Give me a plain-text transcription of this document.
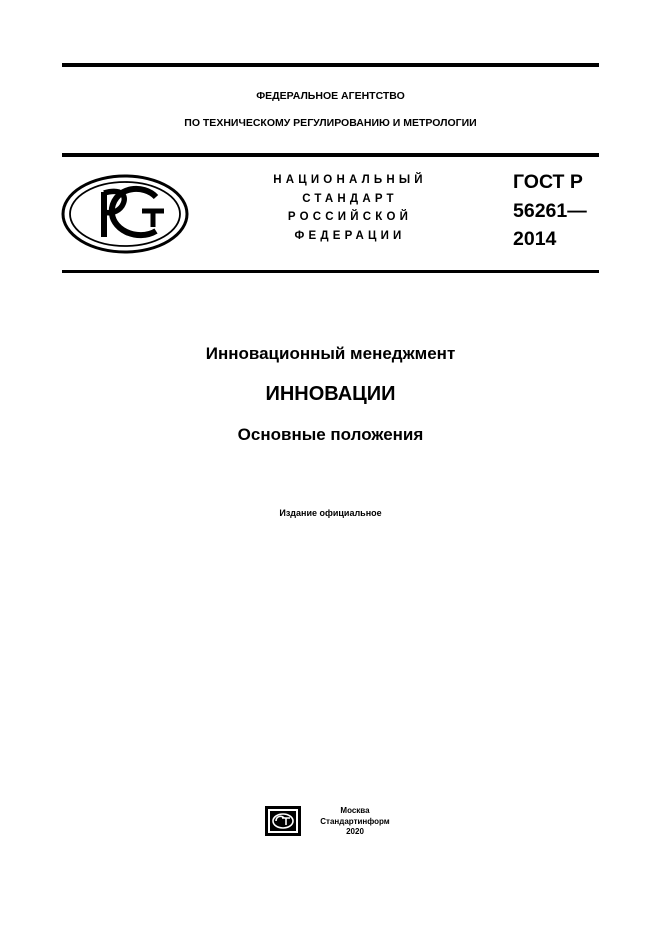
ФЕДЕРАЛЬНОЕ АГЕНТСТВО
ПО ТЕХНИЧЕСКОМУ РЕГУЛИРОВАНИЮ И МЕТРОЛОГИИ
НАЦИОНАЛЬНЫЙ
СТАНДАРТ
РОССИЙСКОЙ
ФЕДЕРАЦИИ
ГОСТ Р
56261—
2014
Инновационный менеджмент
ИННОВАЦИИ
Основные положения
Издание официальное
Москва
Стандартинформ
2020
